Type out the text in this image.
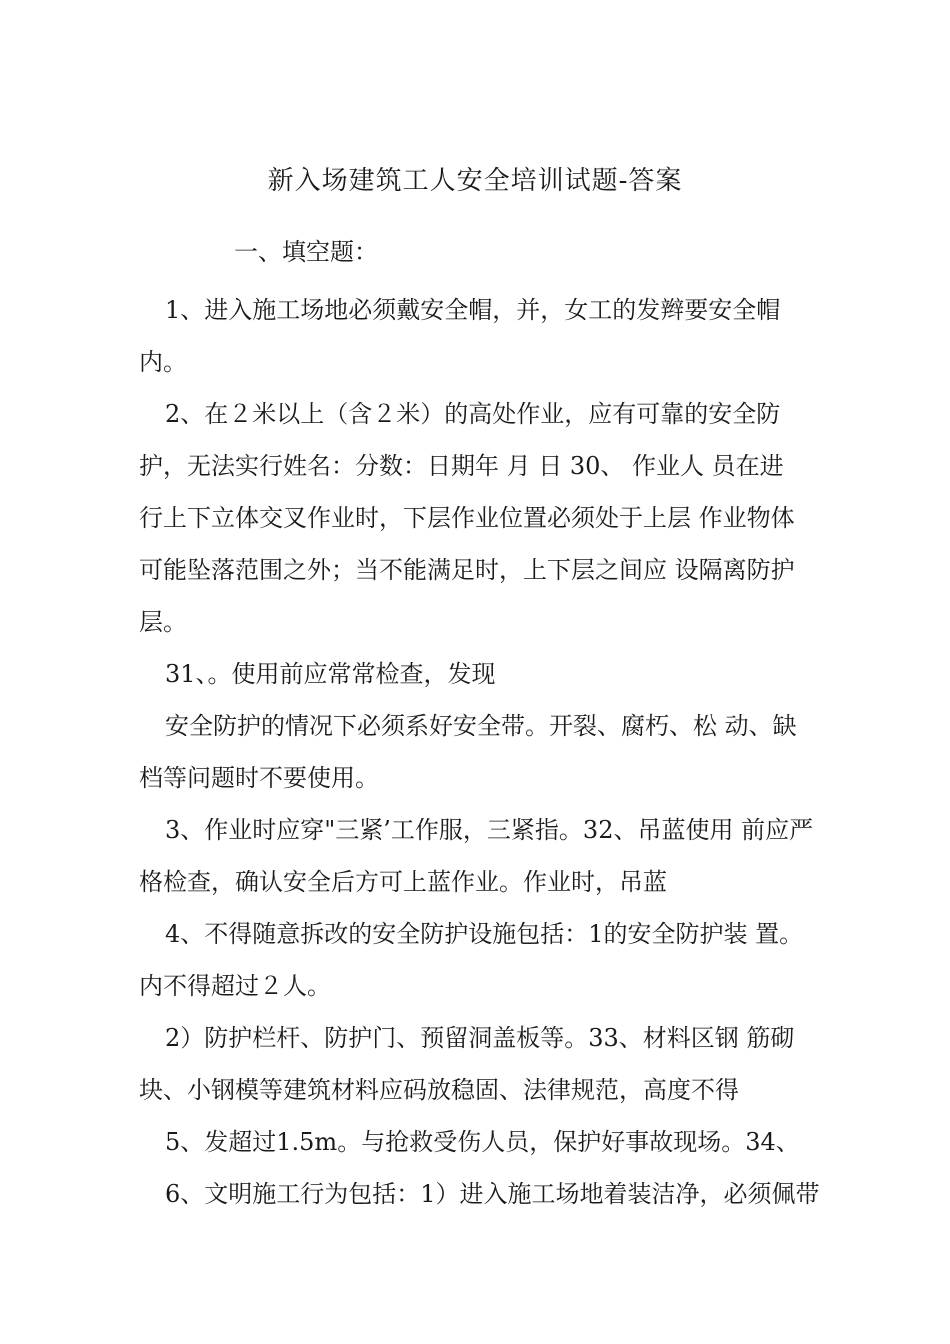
新入场建筑工人安全培训试题-答案
一、填空题：
1、进入施工场地必须戴安全帽，并，女工的发辫要安全帽
内。
2、在２米以上（含２米）的高处作业，应有可靠的安全防
护，无法实行姓名：分数：日期年 月 日 30、 作业人 员在进
行上下立体交叉作业时，下层作业位置必须处于上层 作业物体
可能坠落范围之外；当不能满足时，上下层之间应 设隔离防护
层。
31、。使用前应常常检查，发现
安全防护的情况下必须系好安全带。开裂、腐朽、松 动、缺
档等问题时不要使用。
3、作业时应穿"三紧’工作服，三紧指。32、吊蓝使用 前应严
格检查，确认安全后方可上蓝作业。作业时，吊蓝
4、不得随意拆改的安全防护设施包括：1的安全防护装 置。
内不得超过２人。
2）防护栏杆、防护门、预留洞盖板等。33、材料区钢 筋砌
块、小钢模等建筑材料应码放稳固、法律规范，高度不得
5、发超过1.5m。与抢救受伤人员，保护好事故现场。34、
6、文明施工行为包括：1）进入施工场地着装洁净，必须佩带
